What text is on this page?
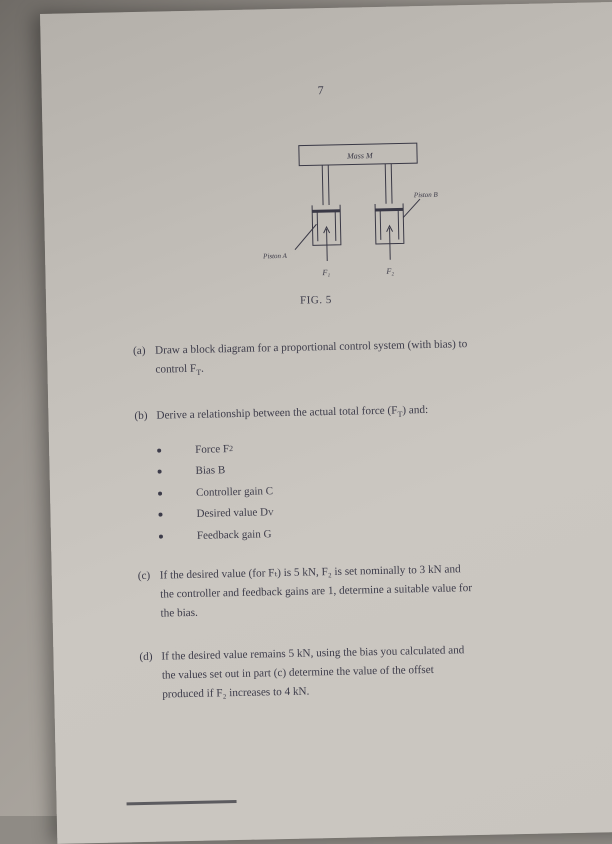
7
Mass M
Piston B
Piston A
F₁	F₂
FIG. 5
(a) Draw a block diagram for a proportional control system (with bias) to
control $F_T$.
(b) Derive a relationship between the actual total force $(F_T)$ and:
Force F 2
Bias B
Controller gain C
Desired value D V
Feedback gain G
(c) If the desired value (for Fₜ) is 5 kN, F₂ is set nominally to 3 kN and
the controller and feedback gains are 1, determine a suitable value for
the bias.
(d) If the desired value remains 5 kN, using the bias you calculated and
the values set out in part (c) determine the value of the offset
produced if F₂ increases to 4 kN.
